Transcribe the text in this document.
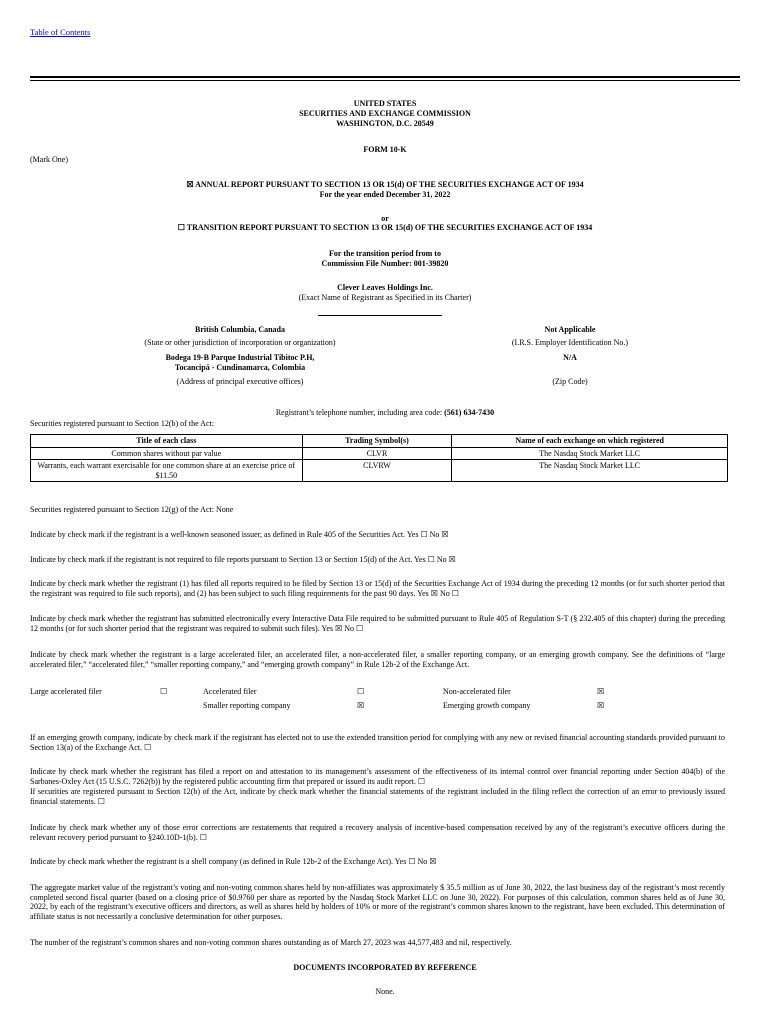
Table of Contents
UNITED STATES
SECURITIES AND EXCHANGE COMMISSION
WASHINGTON, D.C. 20549
FORM 10-K
(Mark One)
☒ ANNUAL REPORT PURSUANT TO SECTION 13 OR 15(d) OF THE SECURITIES EXCHANGE ACT OF 1934
For the year ended December 31, 2022
or
☐ TRANSITION REPORT PURSUANT TO SECTION 13 OR 15(d) OF THE SECURITIES EXCHANGE ACT OF 1934
For the transition period from to
Commission File Number: 001-39820
Clever Leaves Holdings Inc.
(Exact Name of Registrant as Specified in its Charter)
British Columbia, Canada
(State or other jurisdiction of incorporation or organization)
Not Applicable
(I.R.S. Employer Identification No.)
Bodega 19-B Parque Industrial Tibitoc P.H,
Tocancipá - Cundinamarca, Colombia
(Address of principal executive offices)
N/A
(Zip Code)
Registrant’s telephone number, including area code: (561) 634-7430
Securities registered pursuant to Section 12(b) of the Act:
Title of each class	Trading Symbol(s)	Name of each exchange on which registered
Common shares without par value	CLVR	The Nasdaq Stock Market LLC
Warrants, each warrant exercisable for one common share at an exercise price of $11.50	CLVRW	The Nasdaq Stock Market LLC
Securities registered pursuant to Section 12(g) of the Act: None
Indicate by check mark if the registrant is a well-known seasoned issuer, as defined in Rule 405 of the Securities Act. Yes ☐ No ☒
Indicate by check mark if the registrant is not required to file reports pursuant to Section 13 or Section 15(d) of the Act. Yes ☐ No ☒
Indicate by check mark whether the registrant (1) has filed all reports required to be filed by Section 13 or 15(d) of the Securities Exchange Act of 1934 during the preceding 12 months (or for such shorter period that the registrant was required to file such reports), and (2) has been subject to such filing requirements for the past 90 days. Yes ☒ No ☐
Indicate by check mark whether the registrant has submitted electronically every Interactive Data File required to be submitted pursuant to Rule 405 of Regulation S-T (§ 232.405 of this chapter) during the preceding 12 months (or for such shorter period that the registrant was required to submit such files). Yes ☒ No ☐
Indicate by check mark whether the registrant is a large accelerated filer, an accelerated filer, a non-accelerated filer, a smaller reporting company, or an emerging growth company. See the definitions of “large accelerated filer,” “accelerated filer,” “smaller reporting company,” and “emerging growth company” in Rule 12b-2 of the Exchange Act.
Large accelerated filer	☐	Accelerated filer	☐	Non-accelerated filer	☒
Smaller reporting company	☒	Emerging growth company	☒
If an emerging growth company, indicate by check mark if the registrant has elected not to use the extended transition period for complying with any new or revised financial accounting standards provided pursuant to Section 13(a) of the Exchange Act. ☐
Indicate by check mark whether the registrant has filed a report on and attestation to its management’s assessment of the effectiveness of its internal control over financial reporting under Section 404(b) of the Sarbanes-Oxley Act (15 U.S.C. 7262(b)) by the registered public accounting firm that prepared or issued its audit report. ☐
If securities are registered pursuant to Section 12(b) of the Act, indicate by check mark whether the financial statements of the registrant included in the filing reflect the correction of an error to previously issued financial statements. ☐
Indicate by check mark whether any of those error corrections are restatements that required a recovery analysis of incentive-based compensation received by any of the registrant’s executive officers during the relevant recovery period pursuant to §240.10D-1(b). ☐
Indicate by check mark whether the registrant is a shell company (as defined in Rule 12b-2 of the Exchange Act). Yes ☐ No ☒
The aggregate market value of the registrant’s voting and non-voting common shares held by non-affiliates was approximately $ 35.5 million as of June 30, 2022, the last business day of the registrant’s most recently completed second fiscal quarter (based on a closing price of $0.9760 per share as reported by the Nasdaq Stock Market LLC on June 30, 2022). For purposes of this calculation, common shares held as of June 30, 2022, by each of the registrant’s executive officers and directors, as well as shares held by holders of 10% or more of the registrant’s common shares known to the registrant, have been excluded. This determination of affiliate status is not necessarily a conclusive determination for other purposes.
The number of the registrant’s common shares and non-voting common shares outstanding as of March 27, 2023 was 44,577,483 and nil, respectively.
DOCUMENTS INCORPORATED BY REFERENCE
None.
